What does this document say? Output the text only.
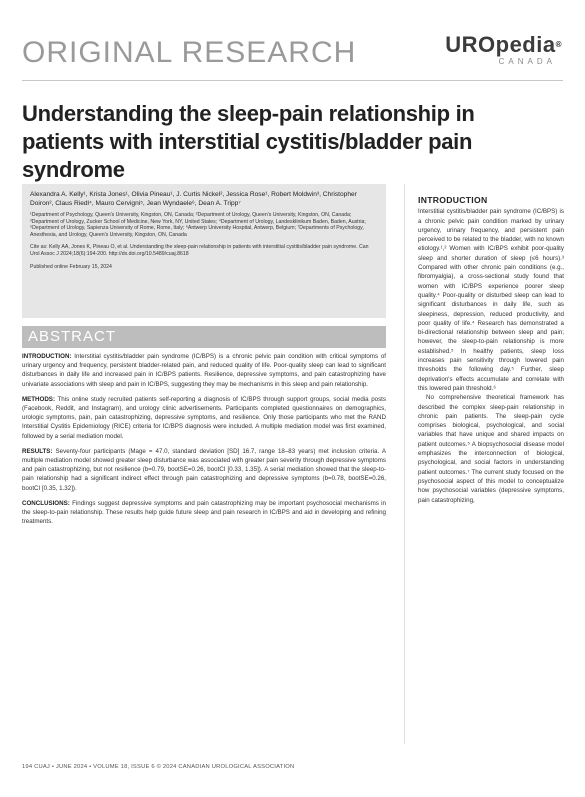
ORIGINAL RESEARCH	UROpedia®
CANADA
Understanding the sleep-pain relationship in patients with interstitial cystitis/bladder pain syndrome
Alexandra A. Kelly¹, Krista Jones¹, Olivia Pineau¹, J. Curtis Nickel², Jessica Rose¹, Robert Moldwin³, Christopher Doiron², Claus Riedl⁴, Mauro Cervigni⁵, Jean Wyndaele⁶, Dean A. Tripp⁷
¹Department of Psychology, Queen's University, Kingston, ON, Canada; ²Department of Urology, Queen's University, Kingston, ON, Canada; ³Department of Urology, Zucker School of Medicine, New York, NY, United States; ⁴Department of Urology, Landesklinikum Baden, Baden, Austria; ⁵Department of Urology, Sapienza University of Rome, Rome, Italy; ⁶Antwerp University Hospital, Antwerp, Belgium; ⁷Departments of Psychology, Anesthesia, and Urology, Queen's University, Kingston, ON, Canada
Cite as: Kelly AA, Jones K, Pineau O, et al. Understanding the sleep-pain relationship in patients with interstitial cystitis/bladder pain syndrome. Can Urol Assoc J 2024;18(6):194-200. http://dx.doi.org/10.5489/cuaj.8618
Published online February 15, 2024
ABSTRACT

INTRODUCTION: Interstitial cystitis/bladder pain syndrome (IC/BPS) is a chronic pelvic pain condition with critical symptoms of urinary urgency and frequency, persistent bladder-related pain, and reduced quality of life. Poor-quality sleep can lead to significant disturbances in daily life and increased pain in IC/BPS patients. Resilience, depressive symptoms, and pain catastrophizing have univariate associations with sleep and pain in IC/BPS, suggesting they may be mechanisms in this sleep and pain relationship.

METHODS: This online study recruited patients self-reporting a diagnosis of IC/BPS through support groups, social media posts (Facebook, Reddit, and Instagram), and urology clinic advertisements. Participants completed questionnaires on demographics, urologic symptoms, pain, pain catastrophizing, depressive symptoms, and resilience. Only those participants who met the RAND Interstitial Cystitis Epidemiology (RICE) criteria for IC/BPS diagnosis were included. A multiple mediation model was first examined, followed by a serial mediation model.

RESULTS: Seventy-four participants (Mage = 47.0, standard deviation [SD] 16.7, range 18–83 years) met inclusion criteria. A multiple mediation model showed greater sleep disturbance was associated with greater pain severity through depressive symptoms and pain catastrophizing, but not resilience (b=0.79, bootSE=0.26, bootCI [0.33, 1.35]). A serial mediation showed that the sleep-to-pain relationship had a significant indirect effect through pain catastrophizing and depressive symptoms (b=0.78, bootSE=0.26, bootCI [0.35, 1.32]).

CONCLUSIONS: Findings suggest depressive symptoms and pain catastrophizing may be important psychosocial mechanisms in the sleep-to-pain relationship. These results help guide future sleep and pain research in IC/BPS and aid in developing and refining treatments.

INTRODUCTION

Interstitial cystitis/bladder pain syndrome (IC/BPS) is a chronic pelvic pain condition marked by urinary urgency, urinary frequency, and persistent pain perceived to be related to the bladder, with no known etiology.¹,² Women with IC/BPS exhibit poor-quality sleep and shorter duration of sleep (≤6 hours).³ Compared with other chronic pain conditions (e.g., fibromyalgia), a cross-sectional study found that women with IC/BPS experience poorer sleep quality.⁴ Poor-quality or disturbed sleep can lead to significant disturbances in daily life, such as sleepiness, depression, reduced productivity, and poor quality of life.⁴ Research has demonstrated a bi-directional relationship between sleep and pain; however, the sleep-to-pain relationship is more established.⁵ In healthy patients, sleep loss increases pain sensitivity through lowered pain thresholds the following day.⁵ Further, sleep deprivation's effects accumulate and correlate with this lowered pain threshold.⁶

No comprehensive theoretical framework has described the complex sleep-pain relationship in chronic pain patients. The sleep-pain cycle comprises biological, psychological, and social variables that have unique and shared impacts on patient outcomes.⁵ A biopsychosocial disease model emphasizes the interconnection of biological, psychological, and social factors in understanding patient outcomes.⁷ The current study focused on the psychosocial aspect of this model to conceptualize how psychosocial variables (depressive symptoms, pain catastrophizing,

194 CUAJ • JUNE 2024 • VOLUME 18, ISSUE 6 © 2024 CANADIAN UROLOGICAL ASSOCIATION
